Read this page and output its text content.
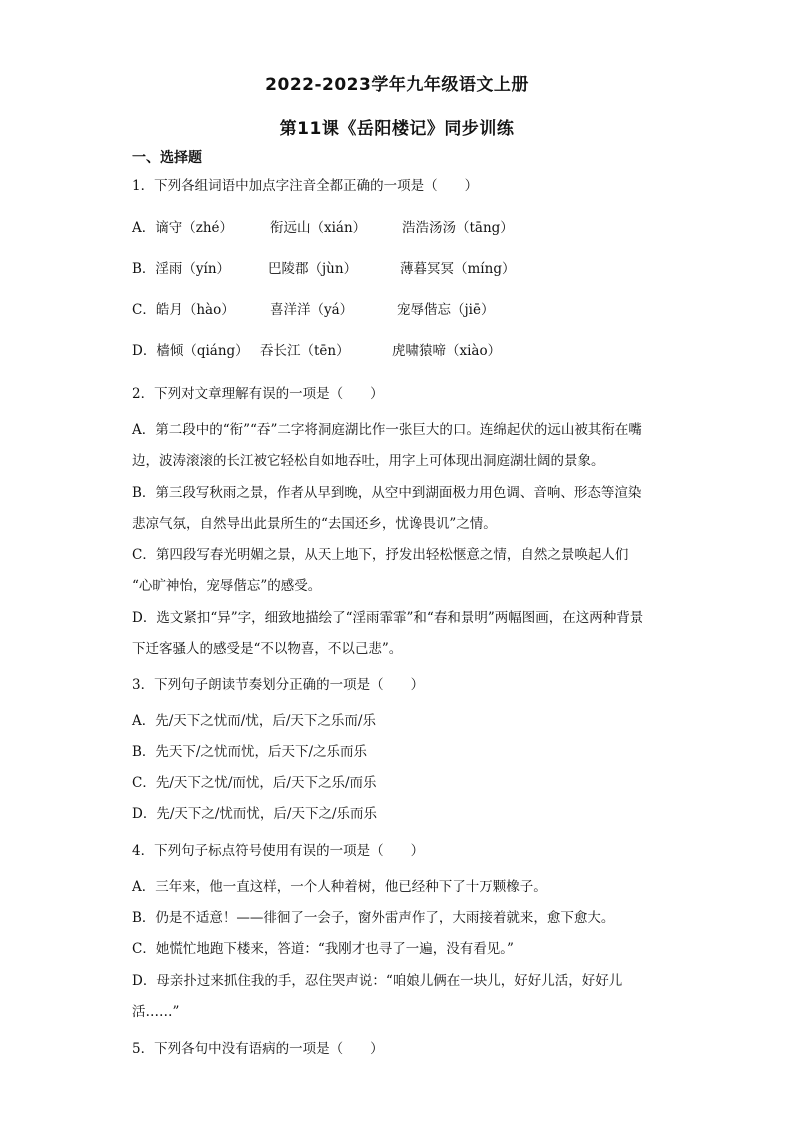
2022-2023学年九年级语文上册
第11课《岳阳楼记》同步训练
一、选择题
1．下列各组词语中加点字注音全都正确的一项是（　　）
A．谪守（zhé）	衔远山（xián）	浩浩汤汤（tāng）
B．淫雨（yín）	巴陵郡（jùn）	薄暮冥冥（míng）
C．皓月（hào）	喜洋洋（yá）	宠辱偕忘（jiē）
D．樯倾（qiáng） 吞长江（tēn）	虎啸猿啼（xiào）
2．下列对文章理解有误的一项是（　　）
A．第二段中的“衔”“吞”二字将洞庭湖比作一张巨大的口。连绵起伏的远山被其衔在嘴
边，波涛滚滚的长江被它轻松自如地吞吐，用字上可体现出洞庭湖壮阔的景象。
B．第三段写秋雨之景，作者从早到晚，从空中到湖面极力用色调、音响、形态等渲染
悲凉气氛，自然导出此景所生的“去国还乡，忧谗畏讥”之情。
C．第四段写春光明媚之景，从天上地下，抒发出轻松惬意之情，自然之景唤起人们
“心旷神怡，宠辱偕忘”的感受。
D．选文紧扣“异”字，细致地描绘了“淫雨霏霏”和“春和景明”两幅图画，在这两种背景
下迁客骚人的感受是“不以物喜，不以己悲”。
3．下列句子朗读节奏划分正确的一项是（　　）
A．先/天下之忧而/忧，后/天下之乐而/乐
B．先天下/之忧而忧，后天下/之乐而乐
C．先/天下之忧/而忧，后/天下之乐/而乐
D．先/天下之/忧而忧，后/天下之/乐而乐
4．下列句子标点符号使用有误的一项是（　　）
A．三年来，他一直这样，一个人种着树，他已经种下了十万颗橡子。
B．仍是不适意！——徘徊了一会子，窗外雷声作了，大雨接着就来，愈下愈大。
C．她慌忙地跑下楼来，答道：“我刚才也寻了一遍，没有看见。”
D．母亲扑过来抓住我的手，忍住哭声说：“咱娘儿俩在一块儿，好好儿活，好好儿
活……”
5．下列各句中没有语病的一项是（　　）
